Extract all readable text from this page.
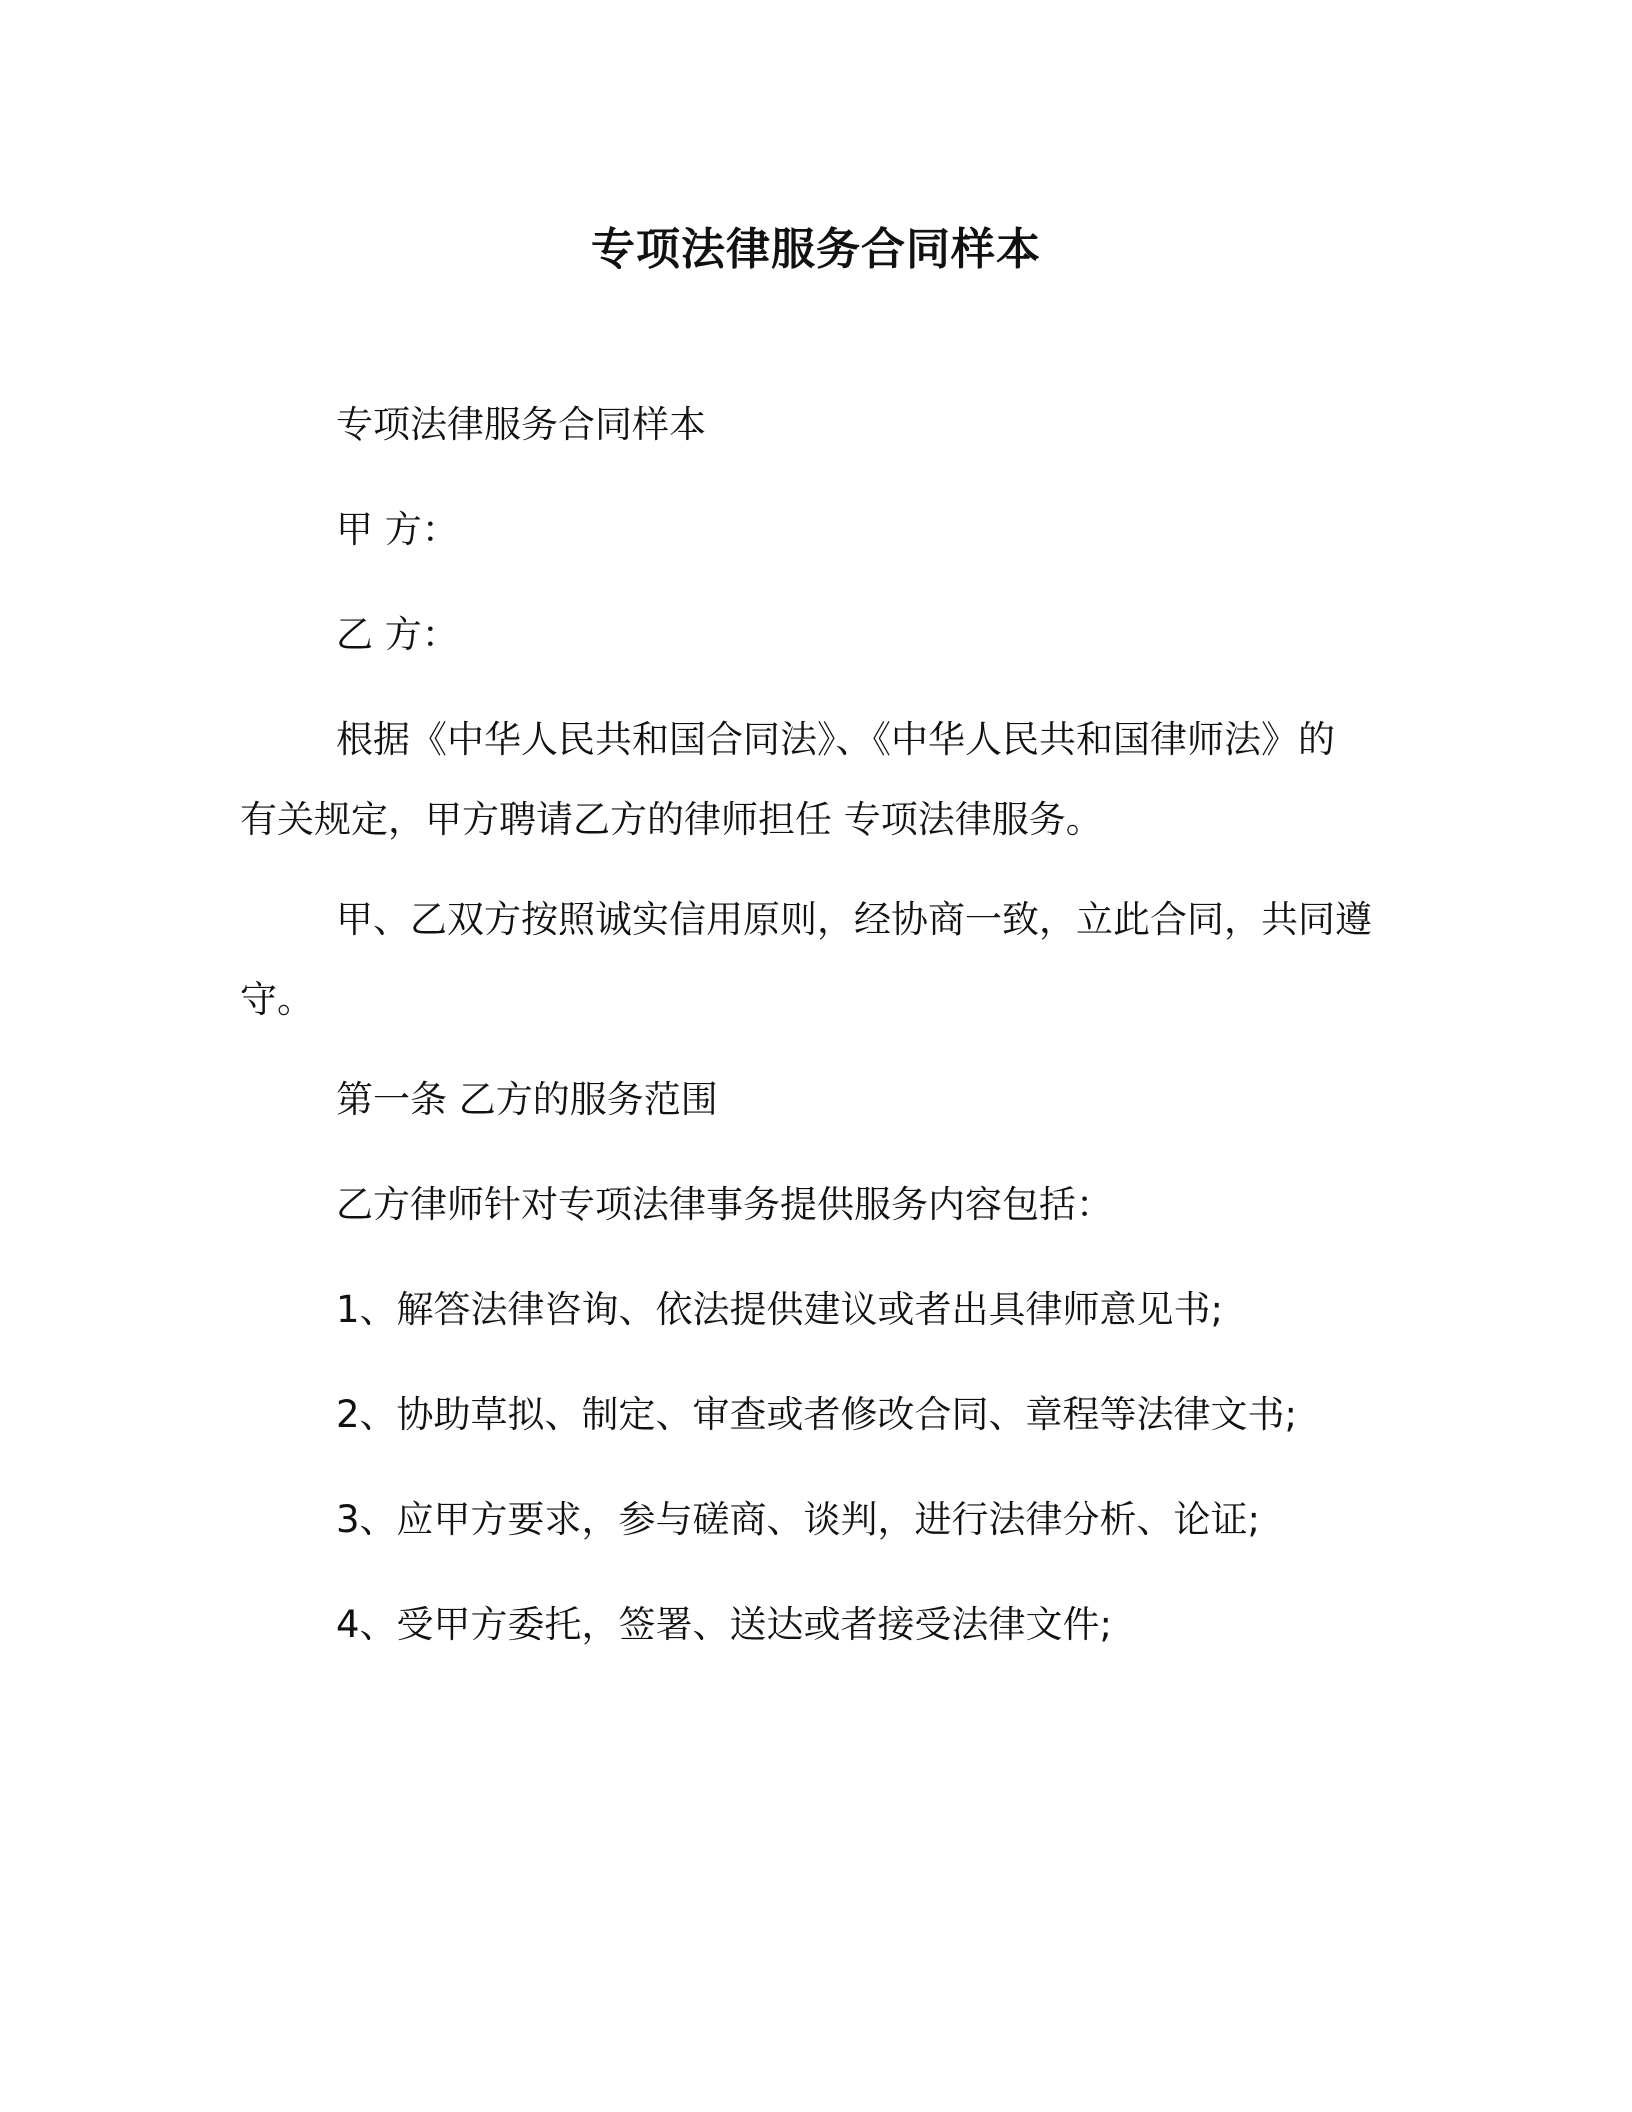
专项法律服务合同样本
专项法律服务合同样本
甲 方：
乙 方：
根据《中华人民共和国合同法》、《中华人民共和国律师法》的
有关规定，甲方聘请乙方的律师担任 专项法律服务。
甲、乙双方按照诚实信用原则，经协商一致，立此合同，共同遵
守。
第一条 乙方的服务范围
乙方律师针对专项法律事务提供服务内容包括：
1、解答法律咨询、依法提供建议或者出具律师意见书;
2、协助草拟、制定、审查或者修改合同、章程等法律文书;
3、应甲方要求，参与磋商、谈判，进行法律分析、论证;
4、受甲方委托，签署、送达或者接受法律文件;
